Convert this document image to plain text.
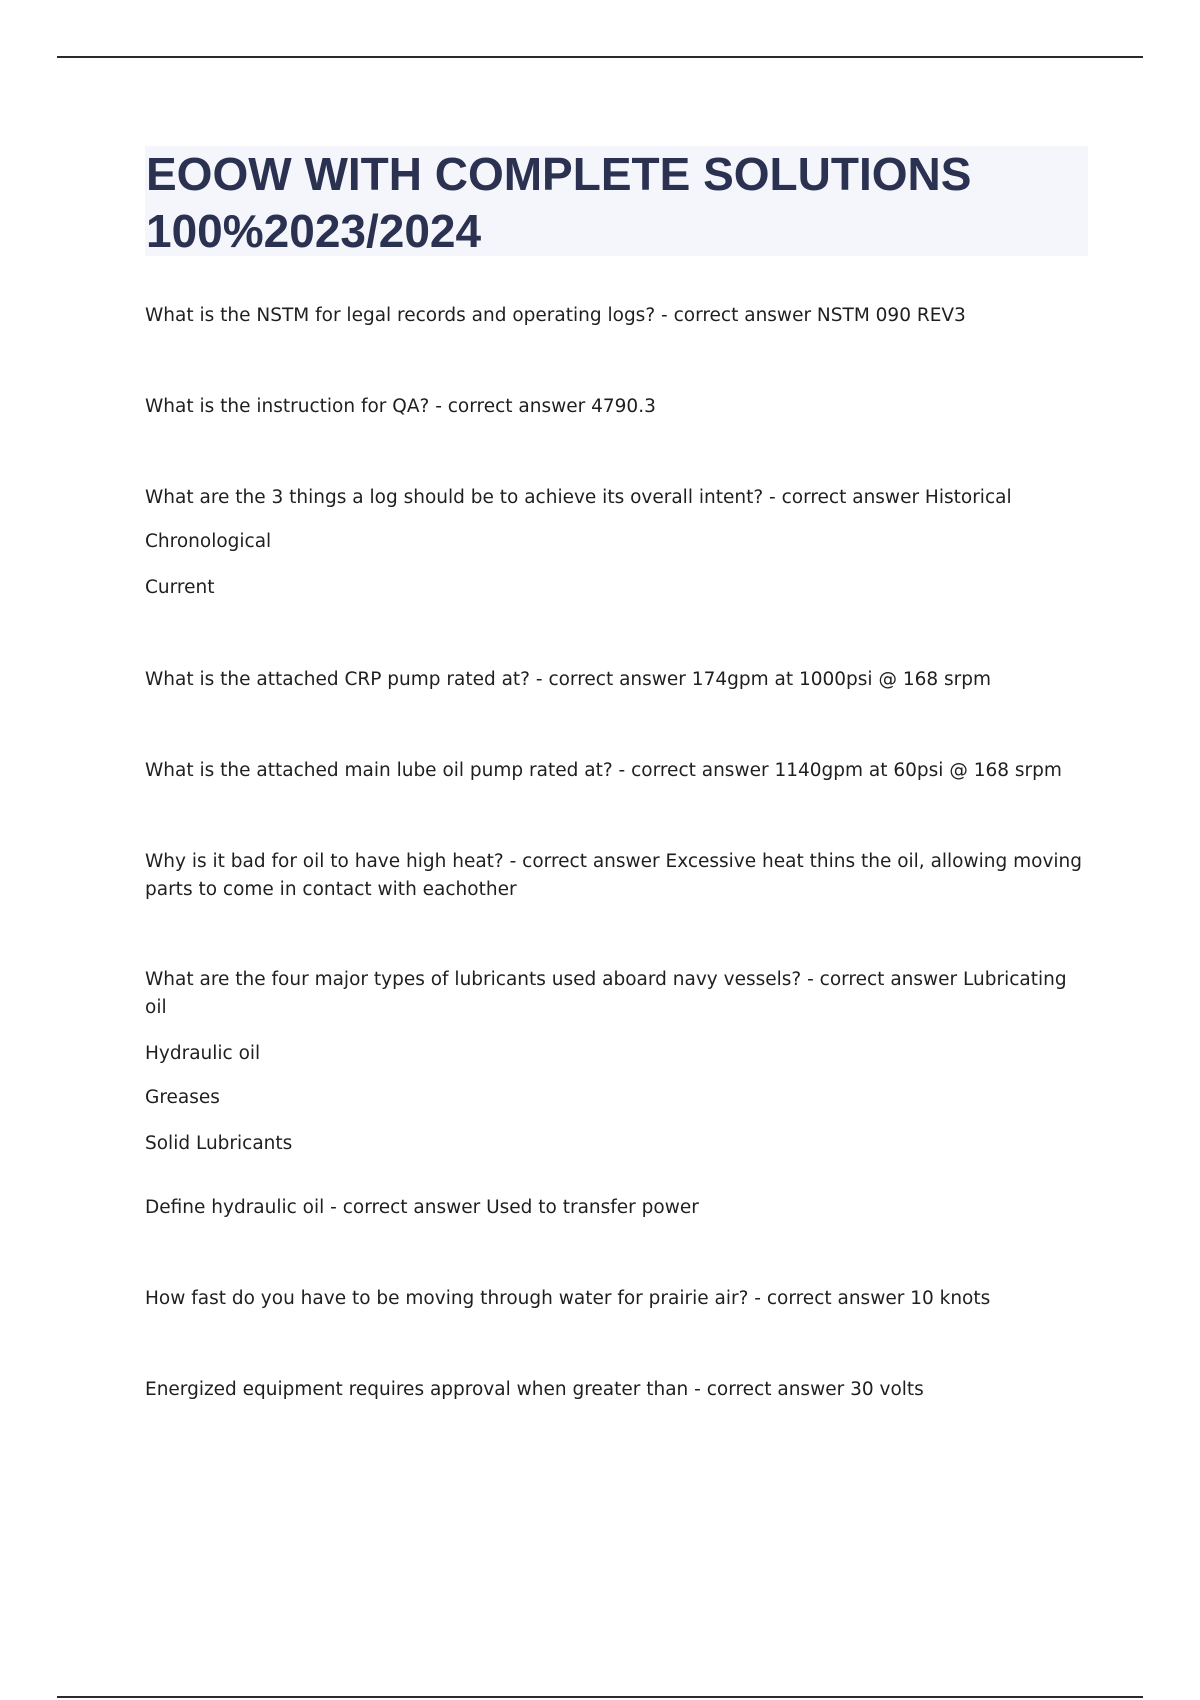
EOOW WITH COMPLETE SOLUTIONS 100%2023/2024
What is the NSTM for legal records and operating logs? - correct answer NSTM 090 REV3
What is the instruction for QA? - correct answer 4790.3
What are the 3 things a log should be to achieve its overall intent? - correct answer Historical
Chronological
Current
What is the attached CRP pump rated at? - correct answer 174gpm at 1000psi @ 168 srpm
What is the attached main lube oil pump rated at? - correct answer 1140gpm at 60psi @ 168 srpm
Why is it bad for oil to have high heat? - correct answer Excessive heat thins the oil, allowing moving parts to come in contact with eachother
What are the four major types of lubricants used aboard navy vessels? - correct answer Lubricating oil
Hydraulic oil
Greases
Solid Lubricants
Define hydraulic oil - correct answer Used to transfer power
How fast do you have to be moving through water for prairie air? - correct answer 10 knots
Energized equipment requires approval when greater than - correct answer 30 volts
